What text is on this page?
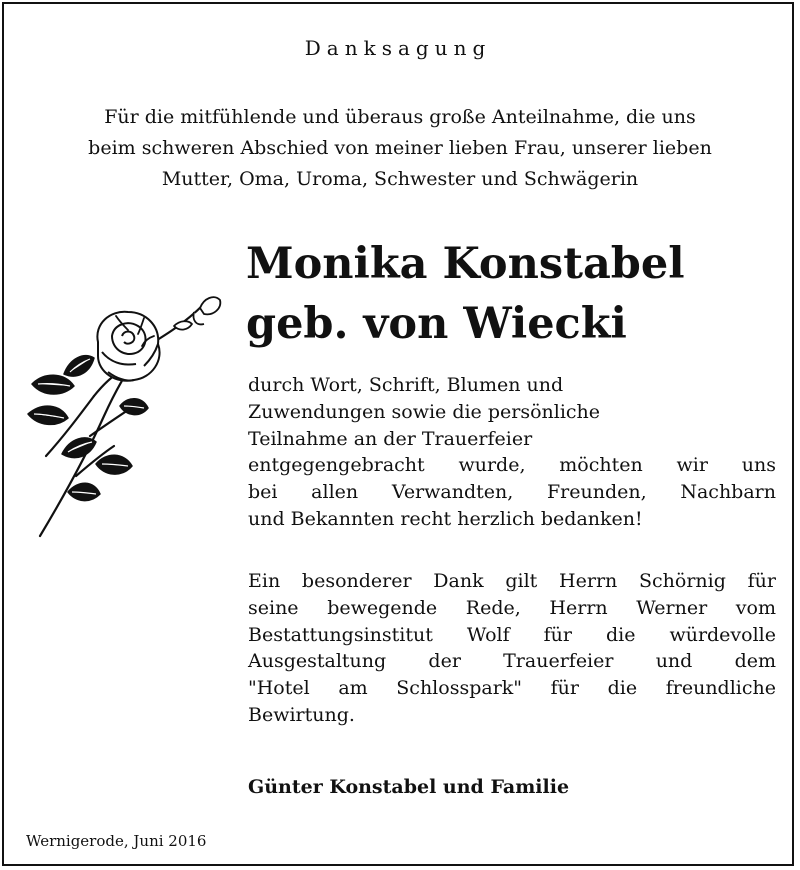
Danksagung
Für die mitfühlende und überaus große Anteilnahme, die uns
beim schweren Abschied von meiner lieben Frau, unserer lieben
Mutter, Oma, Uroma, Schwester und Schwägerin
Monika Konstabel
geb. von Wiecki
durch Wort, Schrift, Blumen und
Zuwendungen sowie die persönliche
Teilnahme an der Trauerfeier
entgegengebracht wurde, möchten wir uns
bei allen Verwandten, Freunden, Nachbarn
und Bekannten recht herzlich bedanken!
Ein besonderer Dank gilt Herrn Schörnig für
seine bewegende Rede, Herrn Werner vom
Bestattungsinstitut Wolf für die würdevolle
Ausgestaltung der Trauerfeier und dem
"Hotel am Schlosspark" für die freundliche
Bewirtung.
Günter Konstabel und Familie
Wernigerode, Juni 2016
